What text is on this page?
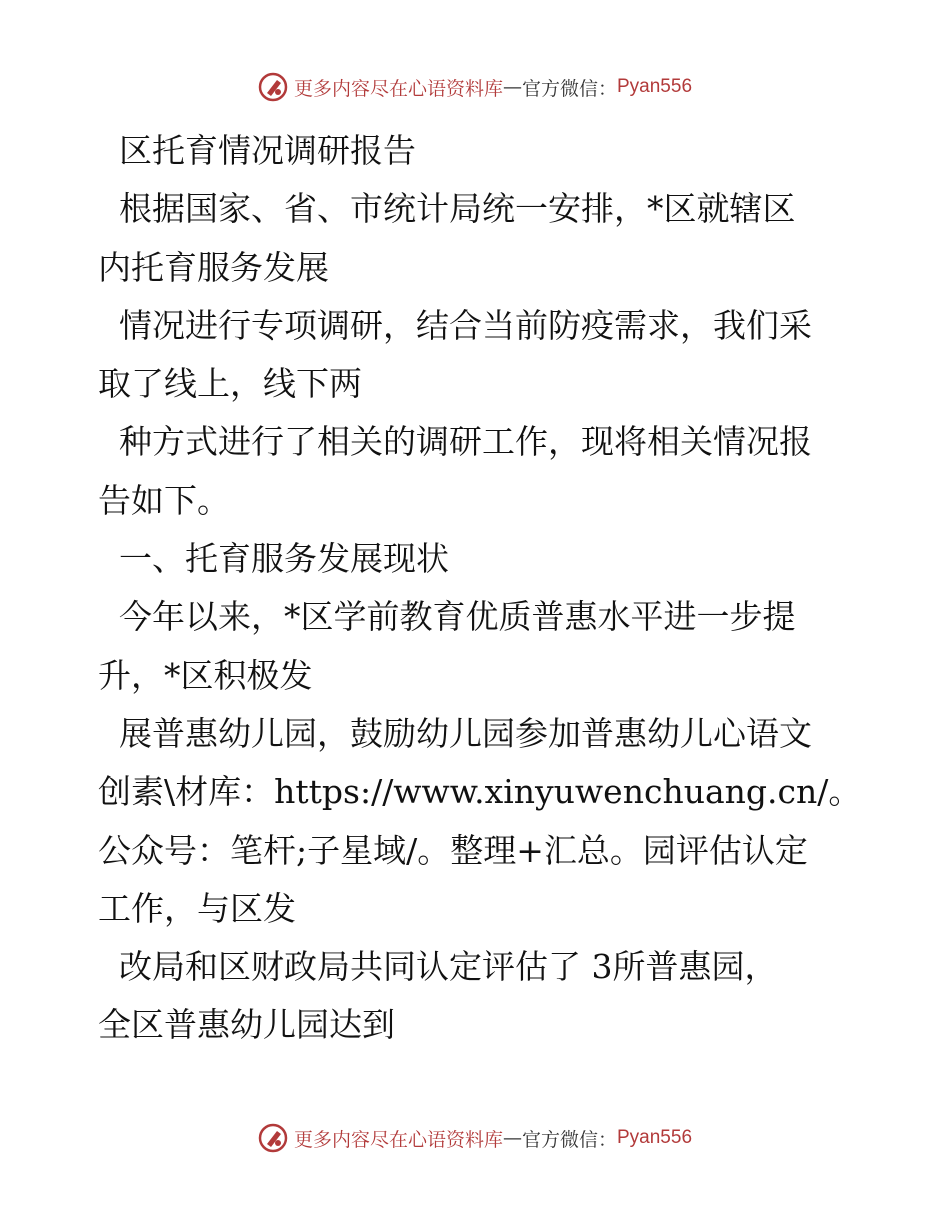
更多内容尽在心语资料库 — 官方微信： Pyan556

区托育情况调研报告

根据国家、省、市统计局统一安排，*区就辖区

内托育服务发展

情况进行专项调研，结合当前防疫需求，我们采

取了线上，线下两

种方式进行了相关的调研工作，现将相关情况报

告如下。

一、托育服务发展现状

今年以来，*区学前教育优质普惠水平进一步提

升，*区积极发

展普惠幼儿园，鼓励幼儿园参加普惠幼儿心语文

创素\材库：https://www.xinyuwenchuang.cn/。

公众号：笔杆;子星域/。整理+汇总。园评估认定

工作，与区发

改局和区财政局共同认定评估了 3所普惠园，

全区普惠幼儿园达到

更多内容尽在心语资料库 — 官方微信： Pyan556
